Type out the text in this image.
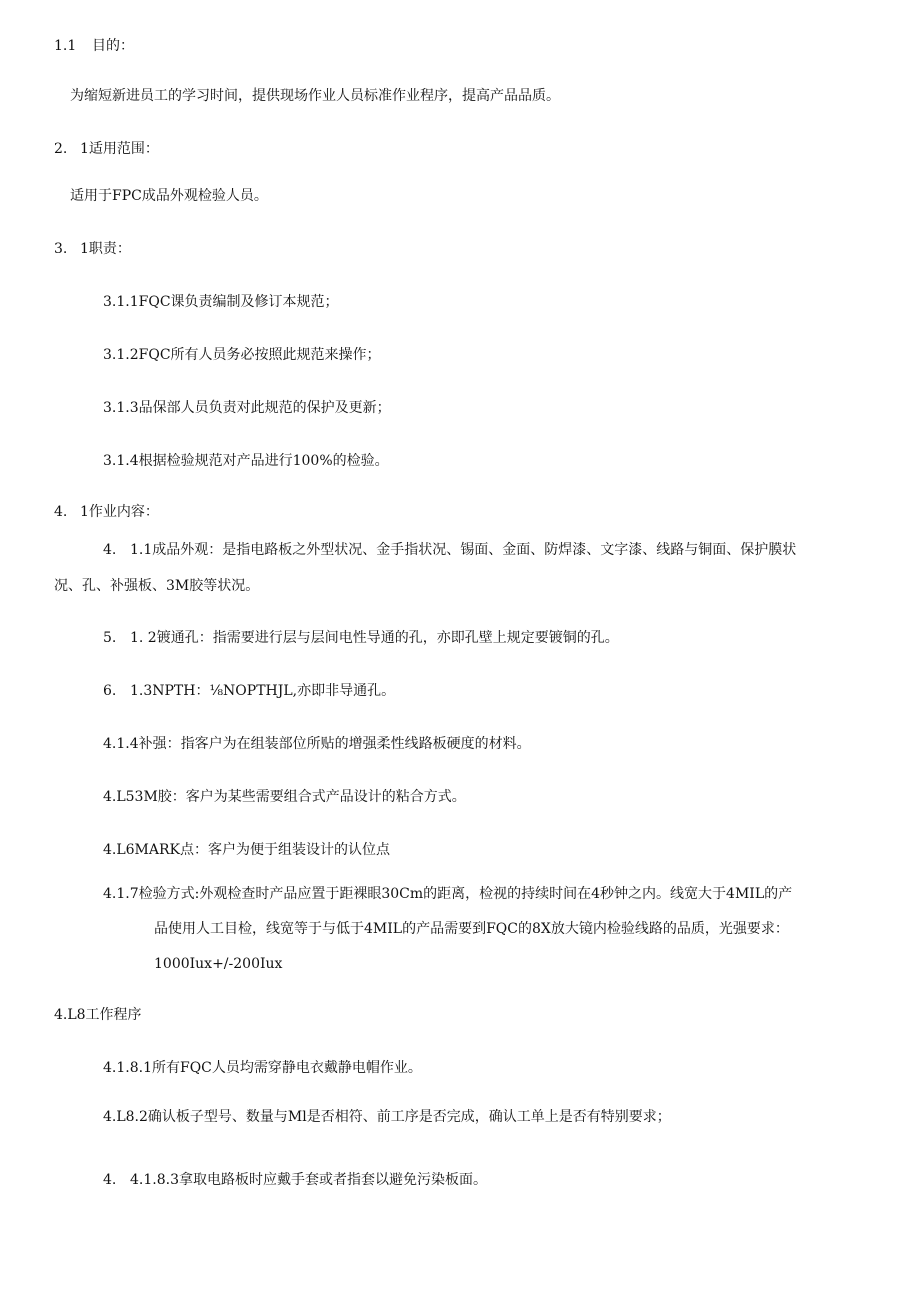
1.1 目的：
为缩短新进员工的学习时间，提供现场作业人员标准作业程序，提高产品品质。
2. 1适用范围：
适用于FPC成品外观检验人员。
3. 1职责：
3.1.1FQC课负责编制及修订本规范；
3.1.2FQC所有人员务必按照此规范来操作；
3.1.3品保部人员负责对此规范的保护及更新；
3.1.4根据检验规范对产品进行100%的检验。
4. 1作业内容：
4. 1.1成品外观：是指电路板之外型状况、金手指状况、锡面、金面、防焊漆、文字漆、线路与铜面、保护膜状
况、孔、补强板、3M胶等状况。
5. 1. 2镀通孔：指需要进行层与层间电性导通的孔，亦即孔壁上规定要镀铜的孔。
6. 1.3NPTH：⅛NOPTHJL,亦即非导通孔。
4.1.4补强：指客户为在组装部位所贴的增强柔性线路板硬度的材料。
4.L53M胶：客户为某些需要组合式产品设计的粘合方式。
4.L6MARK点：客户为便于组装设计的认位点
4.1.7检验方式:外观检查时产品应置于距裸眼30Cm的距离，检视的持续时间在4秒钟之内。线宽大于4MIL的产
品使用人工目检，线宽等于与低于4MIL的产品需要到FQC的8X放大镜内检验线路的品质，光强要求：
1000Iux+/-200Iux
4.L8工作程序
4.1.8.1所有FQC人员均需穿静电衣戴静电帽作业。
4.L8.2确认板子型号、数量与Ml是否相符、前工序是否完成，确认工单上是否有特别要求；
4. 4.1.8.3拿取电路板时应戴手套或者指套以避免污染板面。
